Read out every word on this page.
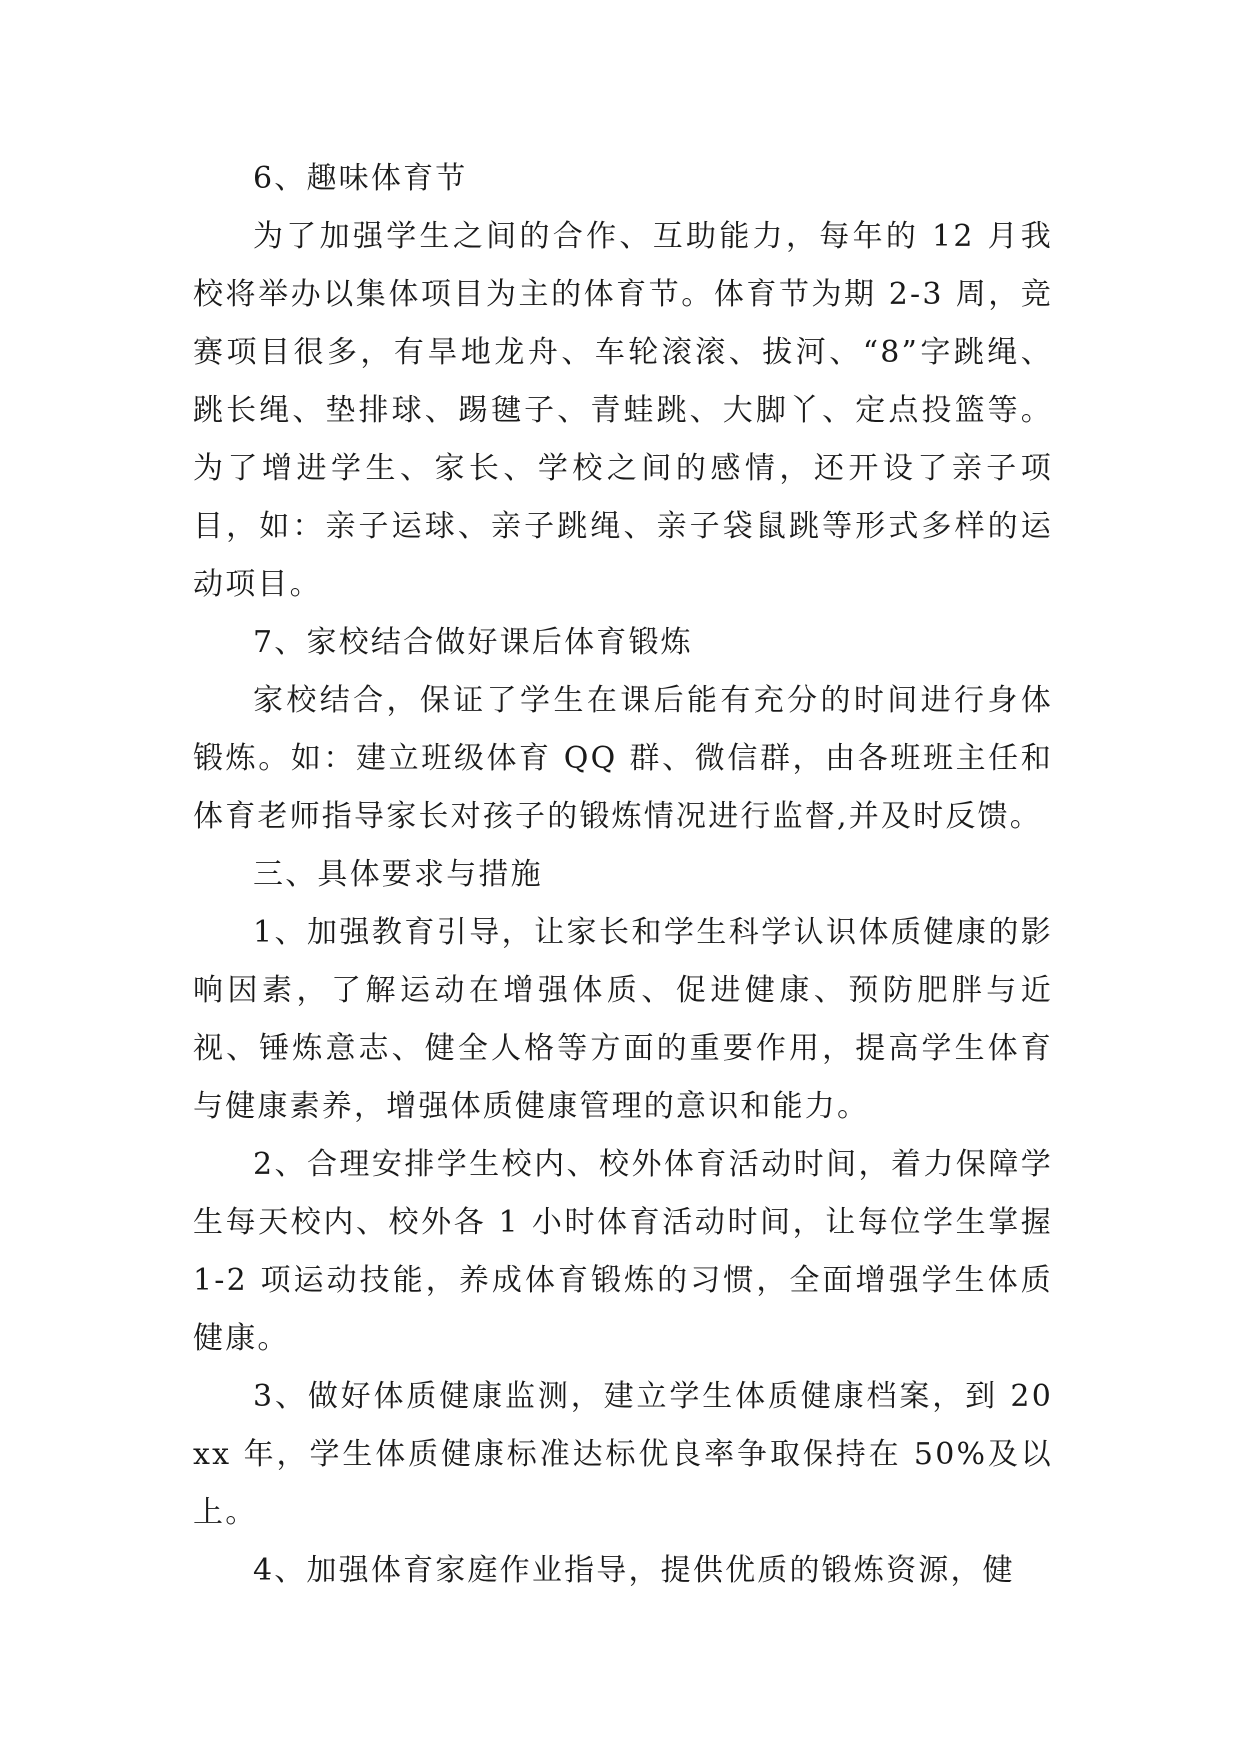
6、趣味体育节

为了加强学生之间的合作、互助能力，每年的 12 月我校将举办以集体项目为主的体育节。体育节为期 2-3 周，竞赛项目很多，有旱地龙舟、车轮滚滚、拔河、“8”字跳绳、跳长绳、垫排球、踢毽子、青蛙跳、大脚丫、定点投篮等。为了增进学生、家长、学校之间的感情，还开设了亲子项目，如：亲子运球、亲子跳绳、亲子袋鼠跳等形式多样的运动项目。

7、家校结合做好课后体育锻炼

家校结合，保证了学生在课后能有充分的时间进行身体锻炼。如：建立班级体育 QQ 群、微信群，由各班班主任和体育老师指导家长对孩子的锻炼情况进行监督,并及时反馈。

三、具体要求与措施

1、加强教育引导，让家长和学生科学认识体质健康的影响因素，了解运动在增强体质、促进健康、预防肥胖与近视、锤炼意志、健全人格等方面的重要作用，提高学生体育与健康素养，增强体质健康管理的意识和能力。

2、合理安排学生校内、校外体育活动时间，着力保障学生每天校内、校外各 1 小时体育活动时间，让每位学生掌握 1-2 项运动技能，养成体育锻炼的习惯，全面增强学生体质健康。

3、做好体质健康监测，建立学生体质健康档案，到 20xx 年，学生体质健康标准达标优良率争取保持在 50%及以上。

4、加强体育家庭作业指导，提供优质的锻炼资源，健
